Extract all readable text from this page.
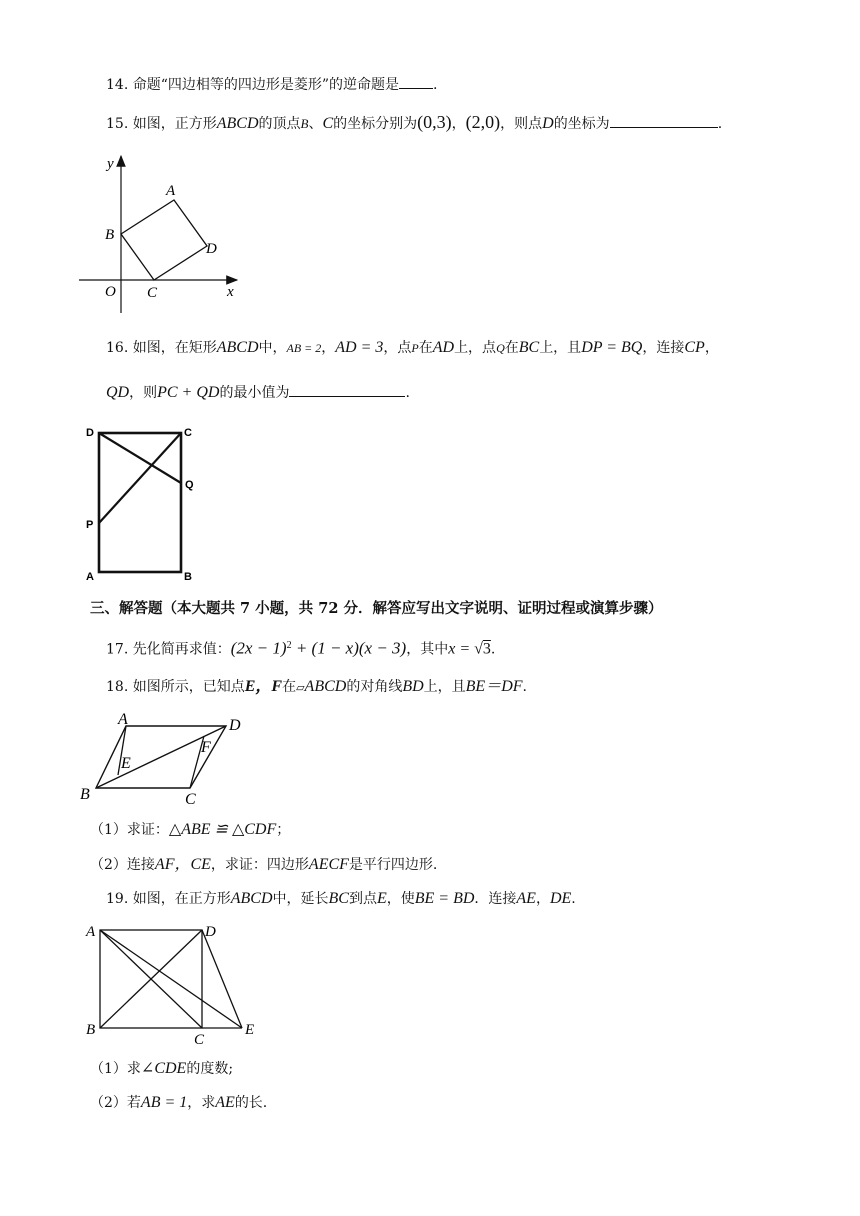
14. 命题“四边相等的四边形是菱形”的逆命题是 .
15. 如图，正方形ABCD的顶点B、C的坐标分别为(0,3)，(2,0)，则点D的坐标为	.
y
x
O
A
B
C
D
16. 如图，在矩形ABCD中，AB = 2，AD = 3，点P在AD上，点Q在BC上，且DP = BQ，连接CP，
QD，则PC + QD的最小值为	.
D	C
Q
P
A	B
三、解答题（本大题共 7 小题，共 72 分．解答应写出文字说明、证明过程或演算步骤）
17. 先化简再求值：$(2x - 1)^2 + (1 - x)(x - 3)$，其中x = √3.
18. 如图所示，已知点E，F在▱ABCD的对角线BD上，且BE＝DF.
A	D
F
E
B	C
（1）求证：△ABE ≌ △CDF；
（2）连接AF，CE，求证：四边形AECF是平行四边形.
19. 如图，在正方形ABCD中，延长BC到点E，使BE = BD．连接AE，DE.
A	D
B
C
E
（1）求∠CDE的度数;
（2）若AB = 1，求AE的长.
